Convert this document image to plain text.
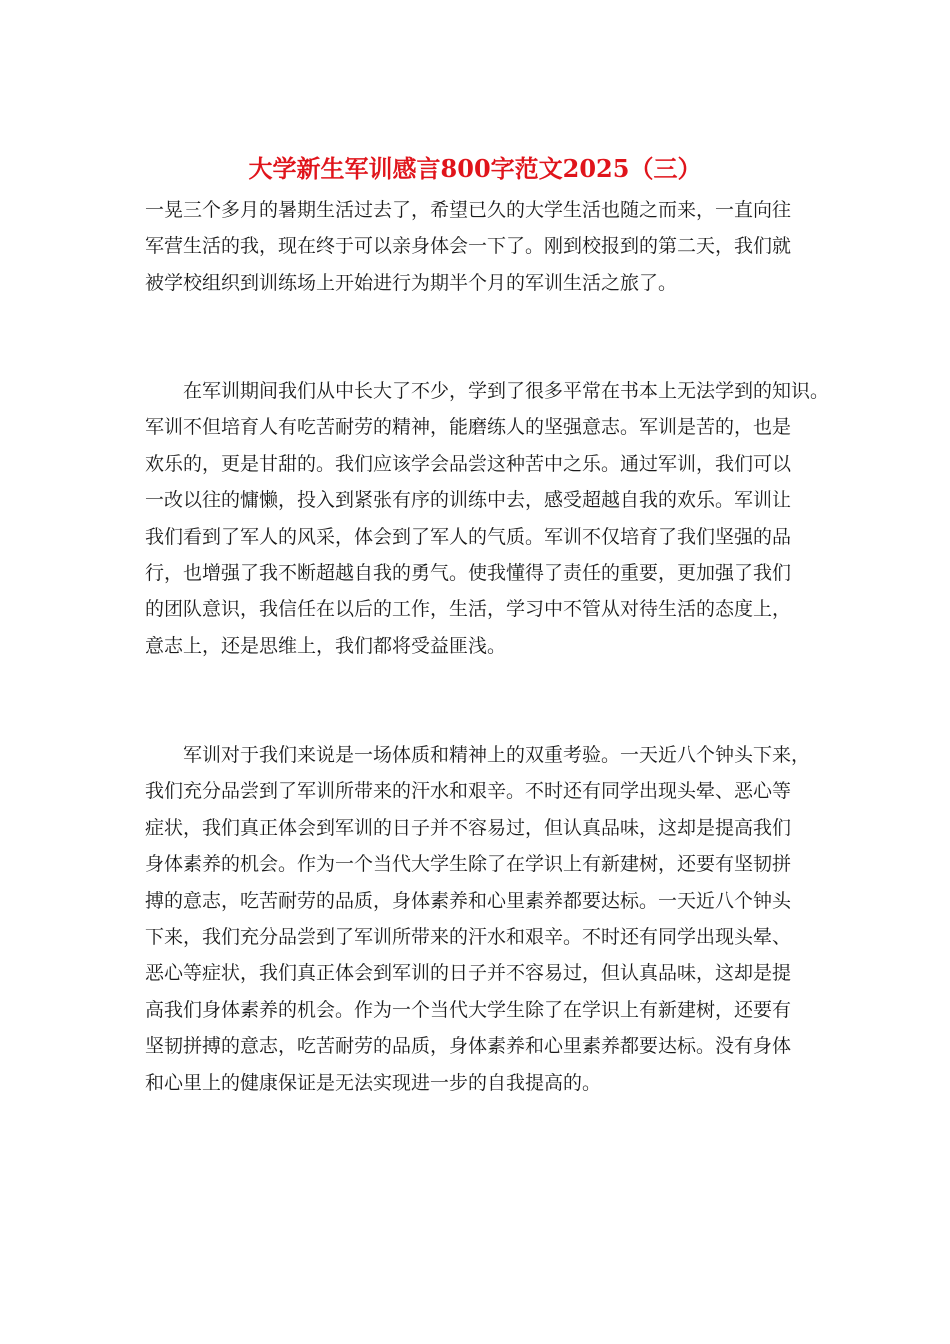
大学新生军训感言800字范文2025（三）
一晃三个多月的暑期生活过去了，希望已久的大学生活也随之而来，一直向往
军营生活的我，现在终于可以亲身体会一下了。刚到校报到的第二天，我们就
被学校组织到训练场上开始进行为期半个月的军训生活之旅了。
　　在军训期间我们从中长大了不少，学到了很多平常在书本上无法学到的知识。
军训不但培育人有吃苦耐劳的精神，能磨练人的坚强意志。军训是苦的，也是
欢乐的，更是甘甜的。我们应该学会品尝这种苦中之乐。通过军训，我们可以
一改以往的慵懒，投入到紧张有序的训练中去，感受超越自我的欢乐。军训让
我们看到了军人的风采，体会到了军人的气质。军训不仅培育了我们坚强的品
行，也增强了我不断超越自我的勇气。使我懂得了责任的重要，更加强了我们
的团队意识，我信任在以后的工作，生活，学习中不管从对待生活的态度上，
意志上，还是思维上，我们都将受益匪浅。
　　军训对于我们来说是一场体质和精神上的双重考验。一天近八个钟头下来，
我们充分品尝到了军训所带来的汗水和艰辛。不时还有同学出现头晕、恶心等
症状，我们真正体会到军训的日子并不容易过，但认真品味，这却是提高我们
身体素养的机会。作为一个当代大学生除了在学识上有新建树，还要有坚韧拼
搏的意志，吃苦耐劳的品质，身体素养和心里素养都要达标。一天近八个钟头
下来，我们充分品尝到了军训所带来的汗水和艰辛。不时还有同学出现头晕、
恶心等症状，我们真正体会到军训的日子并不容易过，但认真品味，这却是提
高我们身体素养的机会。作为一个当代大学生除了在学识上有新建树，还要有
坚韧拼搏的意志，吃苦耐劳的品质，身体素养和心里素养都要达标。没有身体
和心里上的健康保证是无法实现进一步的自我提高的。
